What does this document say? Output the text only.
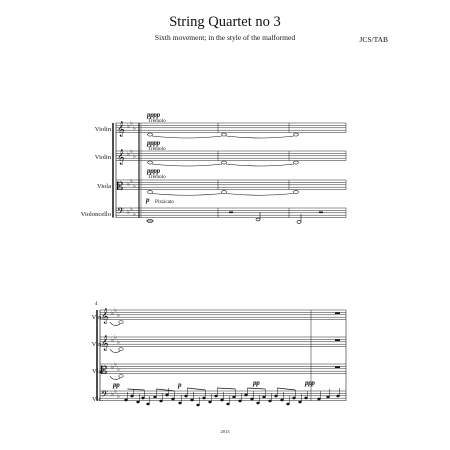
String Quartet no 3
Sixth movement; in the style of the malformed	JCS/TAB
Violin
Violin
Viola
Violoncello
pppp
Tremolo
pppp
Tremolo
pppp
Tremolo
p Pizzicato
Vln.
Vln.
Vla.
Vlc.
4
pp	p	pp	ppp
2013
𝄞
𝄞
𝄡
𝄢
𝄞
𝄞
𝄡
𝄢
♭ ♭
♭
♭ ♭
♭
♭ ♭
♭
♭ ♭
♭
♭ ♭
♭
♭ ♭
♭
♭ ♭
♭
♭ ♭
♭
